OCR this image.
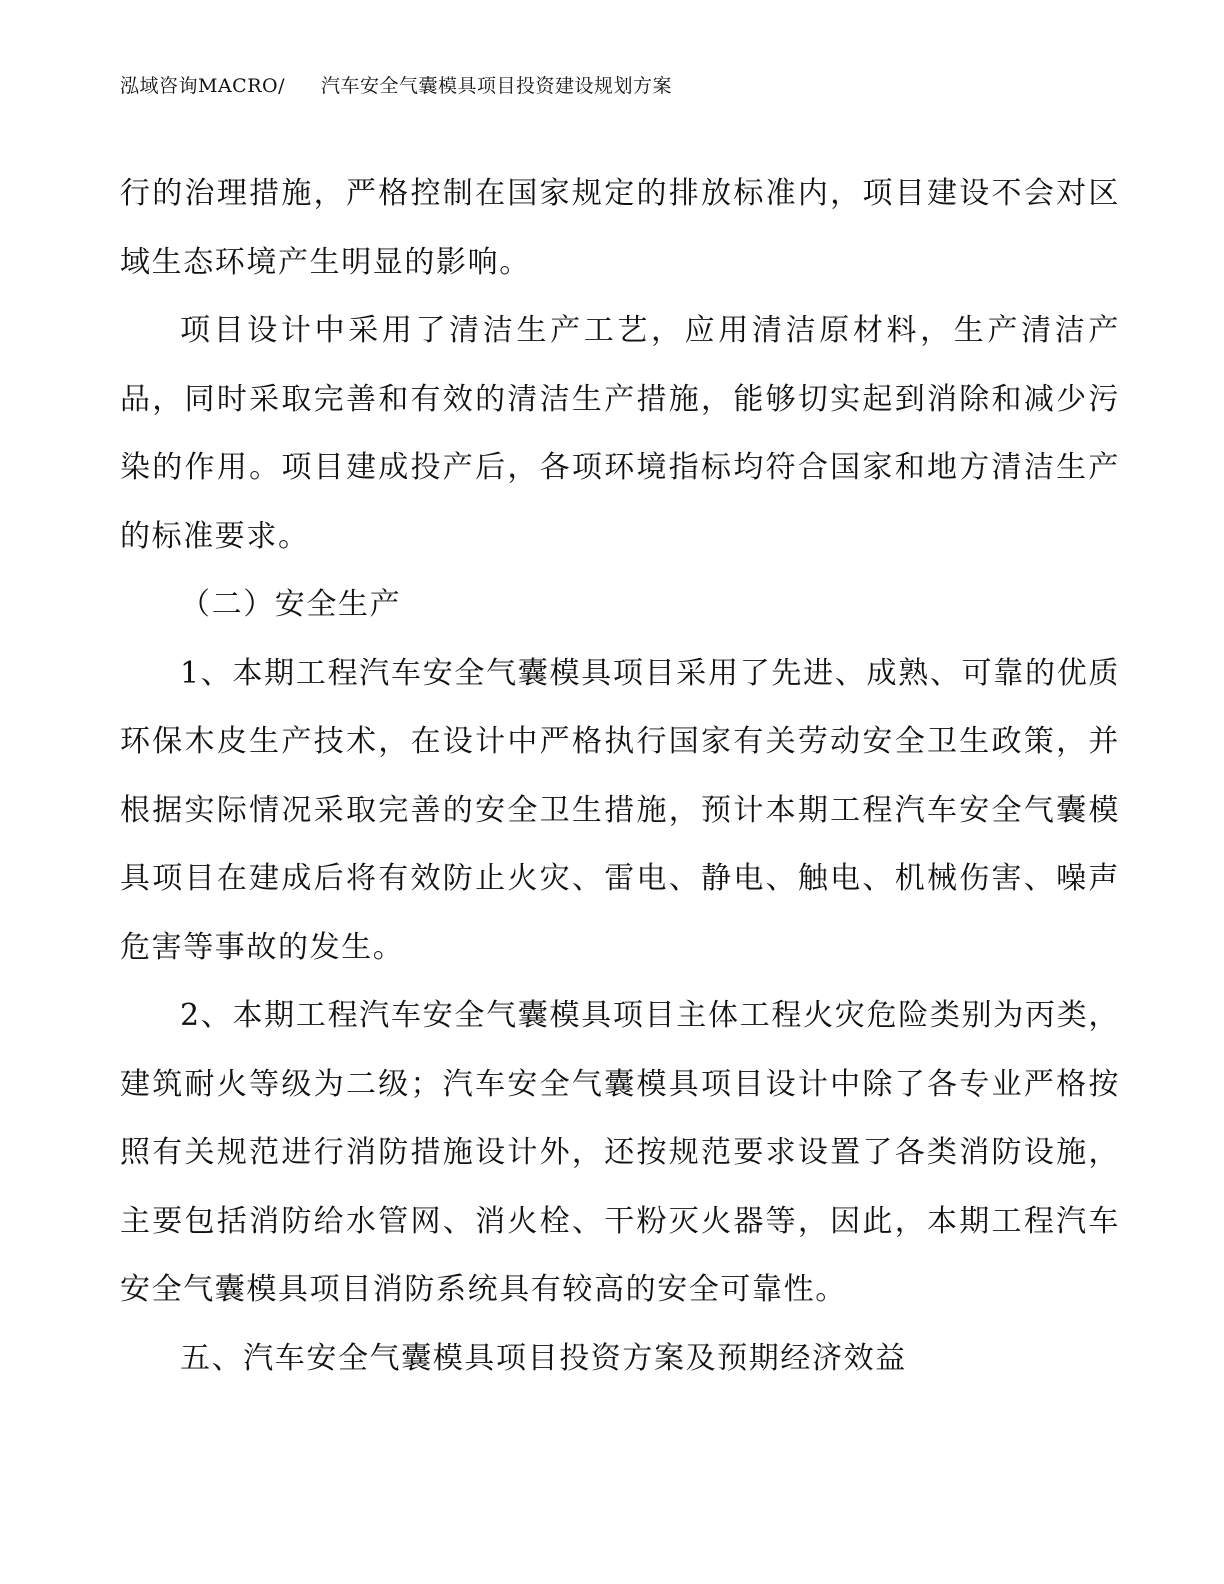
泓域咨询MACRO/ 汽车安全气囊模具项目投资建设规划方案

行的治理措施，严格控制在国家规定的排放标准内，项目建设不会对区域生态环境产生明显的影响。

项目设计中采用了清洁生产工艺，应用清洁原材料，生产清洁产品，同时采取完善和有效的清洁生产措施，能够切实起到消除和减少污染的作用。项目建成投产后，各项环境指标均符合国家和地方清洁生产的标准要求。

（二）安全生产

1、本期工程汽车安全气囊模具项目采用了先进、成熟、可靠的优质环保木皮生产技术，在设计中严格执行国家有关劳动安全卫生政策，并根据实际情况采取完善的安全卫生措施，预计本期工程汽车安全气囊模具项目在建成后将有效防止火灾、雷电、静电、触电、机械伤害、噪声危害等事故的发生。

2、本期工程汽车安全气囊模具项目主体工程火灾危险类别为丙类，建筑耐火等级为二级；汽车安全气囊模具项目设计中除了各专业严格按照有关规范进行消防措施设计外，还按规范要求设置了各类消防设施，主要包括消防给水管网、消火栓、干粉灭火器等，因此，本期工程汽车安全气囊模具项目消防系统具有较高的安全可靠性。

五、汽车安全气囊模具项目投资方案及预期经济效益
